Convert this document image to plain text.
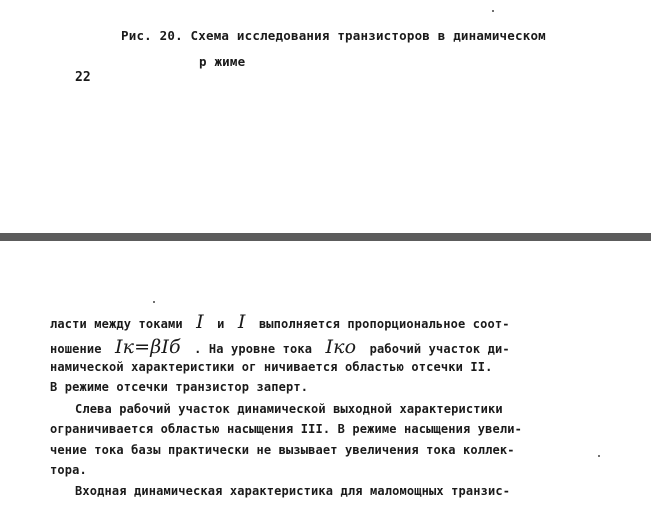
Рис. 20. Схема исследования транзисторов в динамическом
р жиме
22
ласти между токами I и I выполняется пропорциональное соот-
ношение Iк=βIб . На уровне тока Iко рабочий участок ди-
намической характеристики ог ничивается областью отсечки II.
В режиме отсечки транзистор заперт.
Слева рабочий участок динамической выходной характеристики
ограничивается областью насыщения III. В режиме насыщения увели-
чение тока базы практически не вызывает увеличения тока коллек-
тора.
Входная динамическая характеристика для маломощных транзис-
